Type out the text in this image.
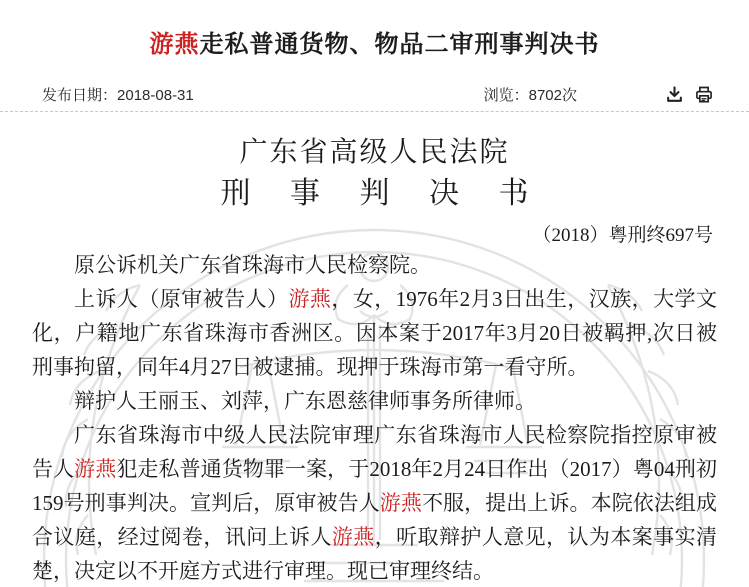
游燕走私普通货物、物品二审刑事判决书
发布日期：2018-08-31	浏览：8702次
广东省高级人民法院
刑 事 判 决 书
（2018）粤刑终697号

原公诉机关广东省珠海市人民检察院。

上诉人（原审被告人）游燕，女，1976年2月3日出生，汉族，大学文化，户籍地广东省珠海市香洲区。因本案于2017年3月20日被羁押,次日被刑事拘留，同年4月27日被逮捕。现押于珠海市第一看守所。

辩护人王丽玉、刘萍，广东恩慈律师事务所律师。

广东省珠海市中级人民法院审理广东省珠海市人民检察院指控原审被告人游燕犯走私普通货物罪一案，于2018年2月24日作出（2017）粤04刑初159号刑事判决。宣判后，原审被告人游燕不服，提出上诉。本院依法组成合议庭，经过阅卷，讯问上诉人游燕，听取辩护人意见，认为本案事实清楚，决定以不开庭方式进行审理。现已审理终结。
